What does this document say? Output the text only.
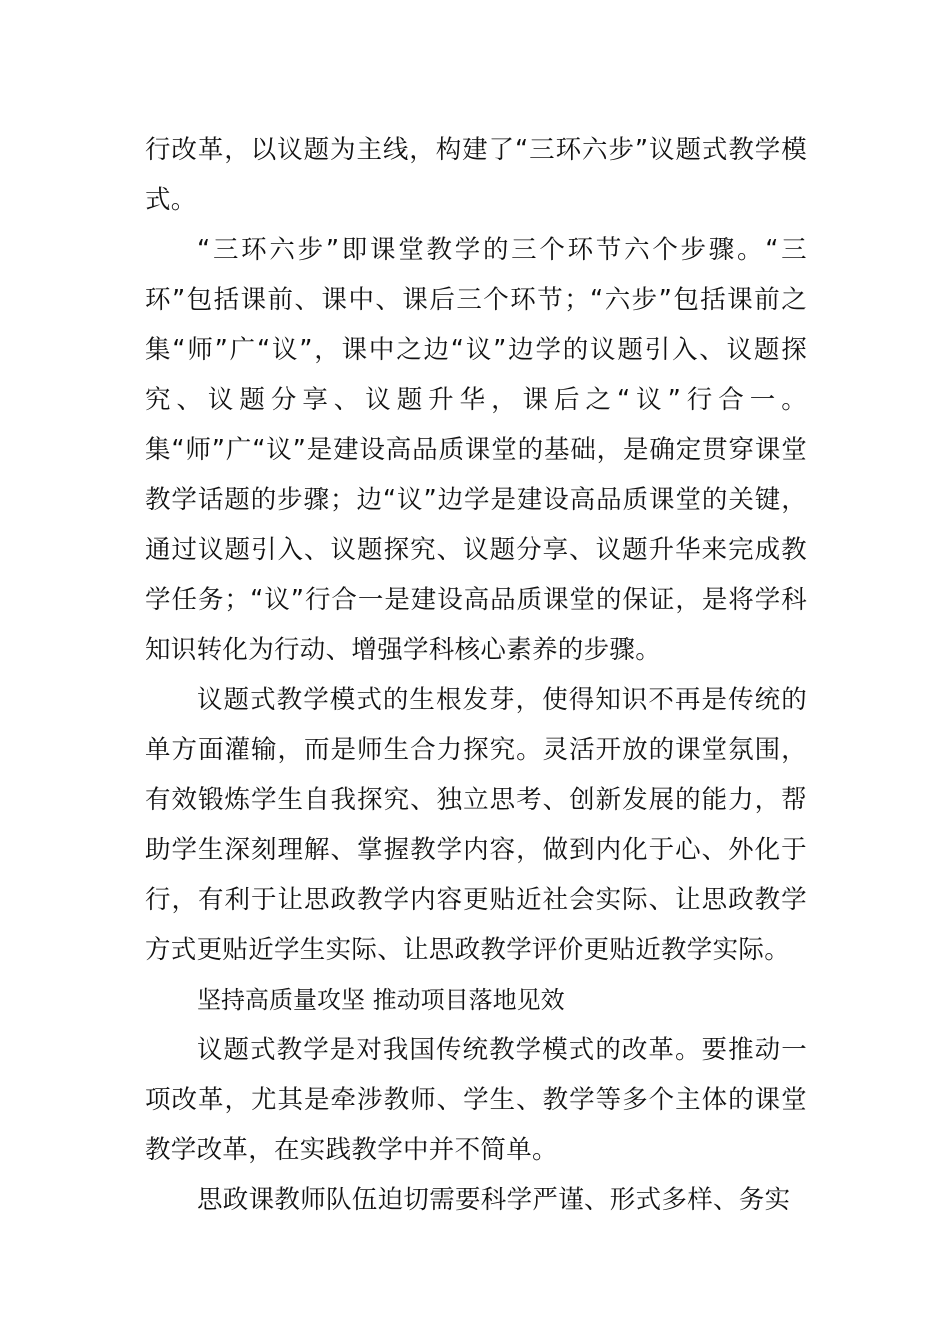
行改革，以议题为主线，构建了“三环六步”议题式教学模式。

“三环六步”即课堂教学的三个环节六个步骤。“三环”包括课前、课中、课后三个环节；“六步”包括课前之集“师”广“议”，课中之边“议”边学的议题引入、议题探究、议题分享、议题升华，课后之“议”行合一。集“师”广“议”是建设高品质课堂的基础，是确定贯穿课堂教学话题的步骤；边“议”边学是建设高品质课堂的关键，通过议题引入、议题探究、议题分享、议题升华来完成教学任务；“议”行合一是建设高品质课堂的保证，是将学科知识转化为行动、增强学科核心素养的步骤。

议题式教学模式的生根发芽，使得知识不再是传统的单方面灌输，而是师生合力探究。灵活开放的课堂氛围，有效锻炼学生自我探究、独立思考、创新发展的能力，帮助学生深刻理解、掌握教学内容，做到内化于心、外化于行，有利于让思政教学内容更贴近社会实际、让思政教学方式更贴近学生实际、让思政教学评价更贴近教学实际。

坚持高质量攻坚 推动项目落地见效

议题式教学是对我国传统教学模式的改革。要推动一项改革，尤其是牵涉教师、学生、教学等多个主体的课堂教学改革，在实践教学中并不简单。

思政课教师队伍迫切需要科学严谨、形式多样、务实
